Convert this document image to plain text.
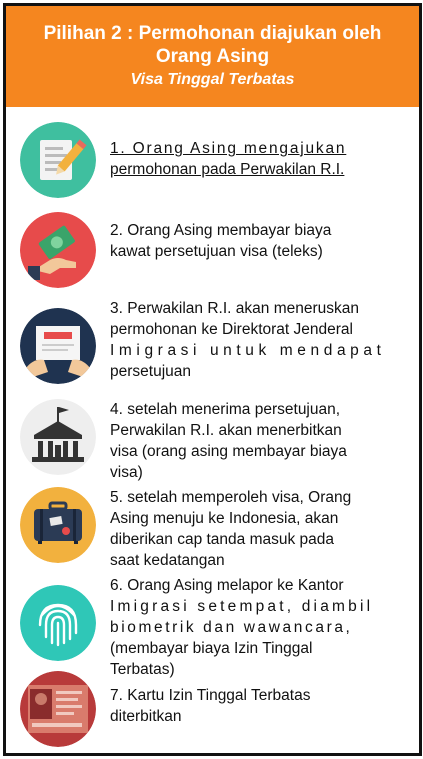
Pilihan 2 : Permohonan diajukan oleh
Orang Asing
Visa Tinggal Terbatas
1. Orang Asing mengajukan
permohonan pada Perwakilan R.I.
2. Orang Asing membayar biaya
kawat persetujuan visa (teleks)
3. Perwakilan R.I. akan meneruskan
permohonan ke Direktorat Jenderal
Imigrasi untuk mendapat
persetujuan
4. setelah menerima persetujuan,
Perwakilan R.I. akan menerbitkan
visa (orang asing membayar biaya
visa)
5. setelah memperoleh visa, Orang
Asing menuju ke Indonesia, akan
diberikan cap tanda masuk pada
saat kedatangan
6. Orang Asing melapor ke Kantor
Imigrasi setempat, diambil
biometrik dan wawancara,
(membayar biaya Izin Tinggal
Terbatas)
7. Kartu Izin Tinggal Terbatas
diterbitkan
